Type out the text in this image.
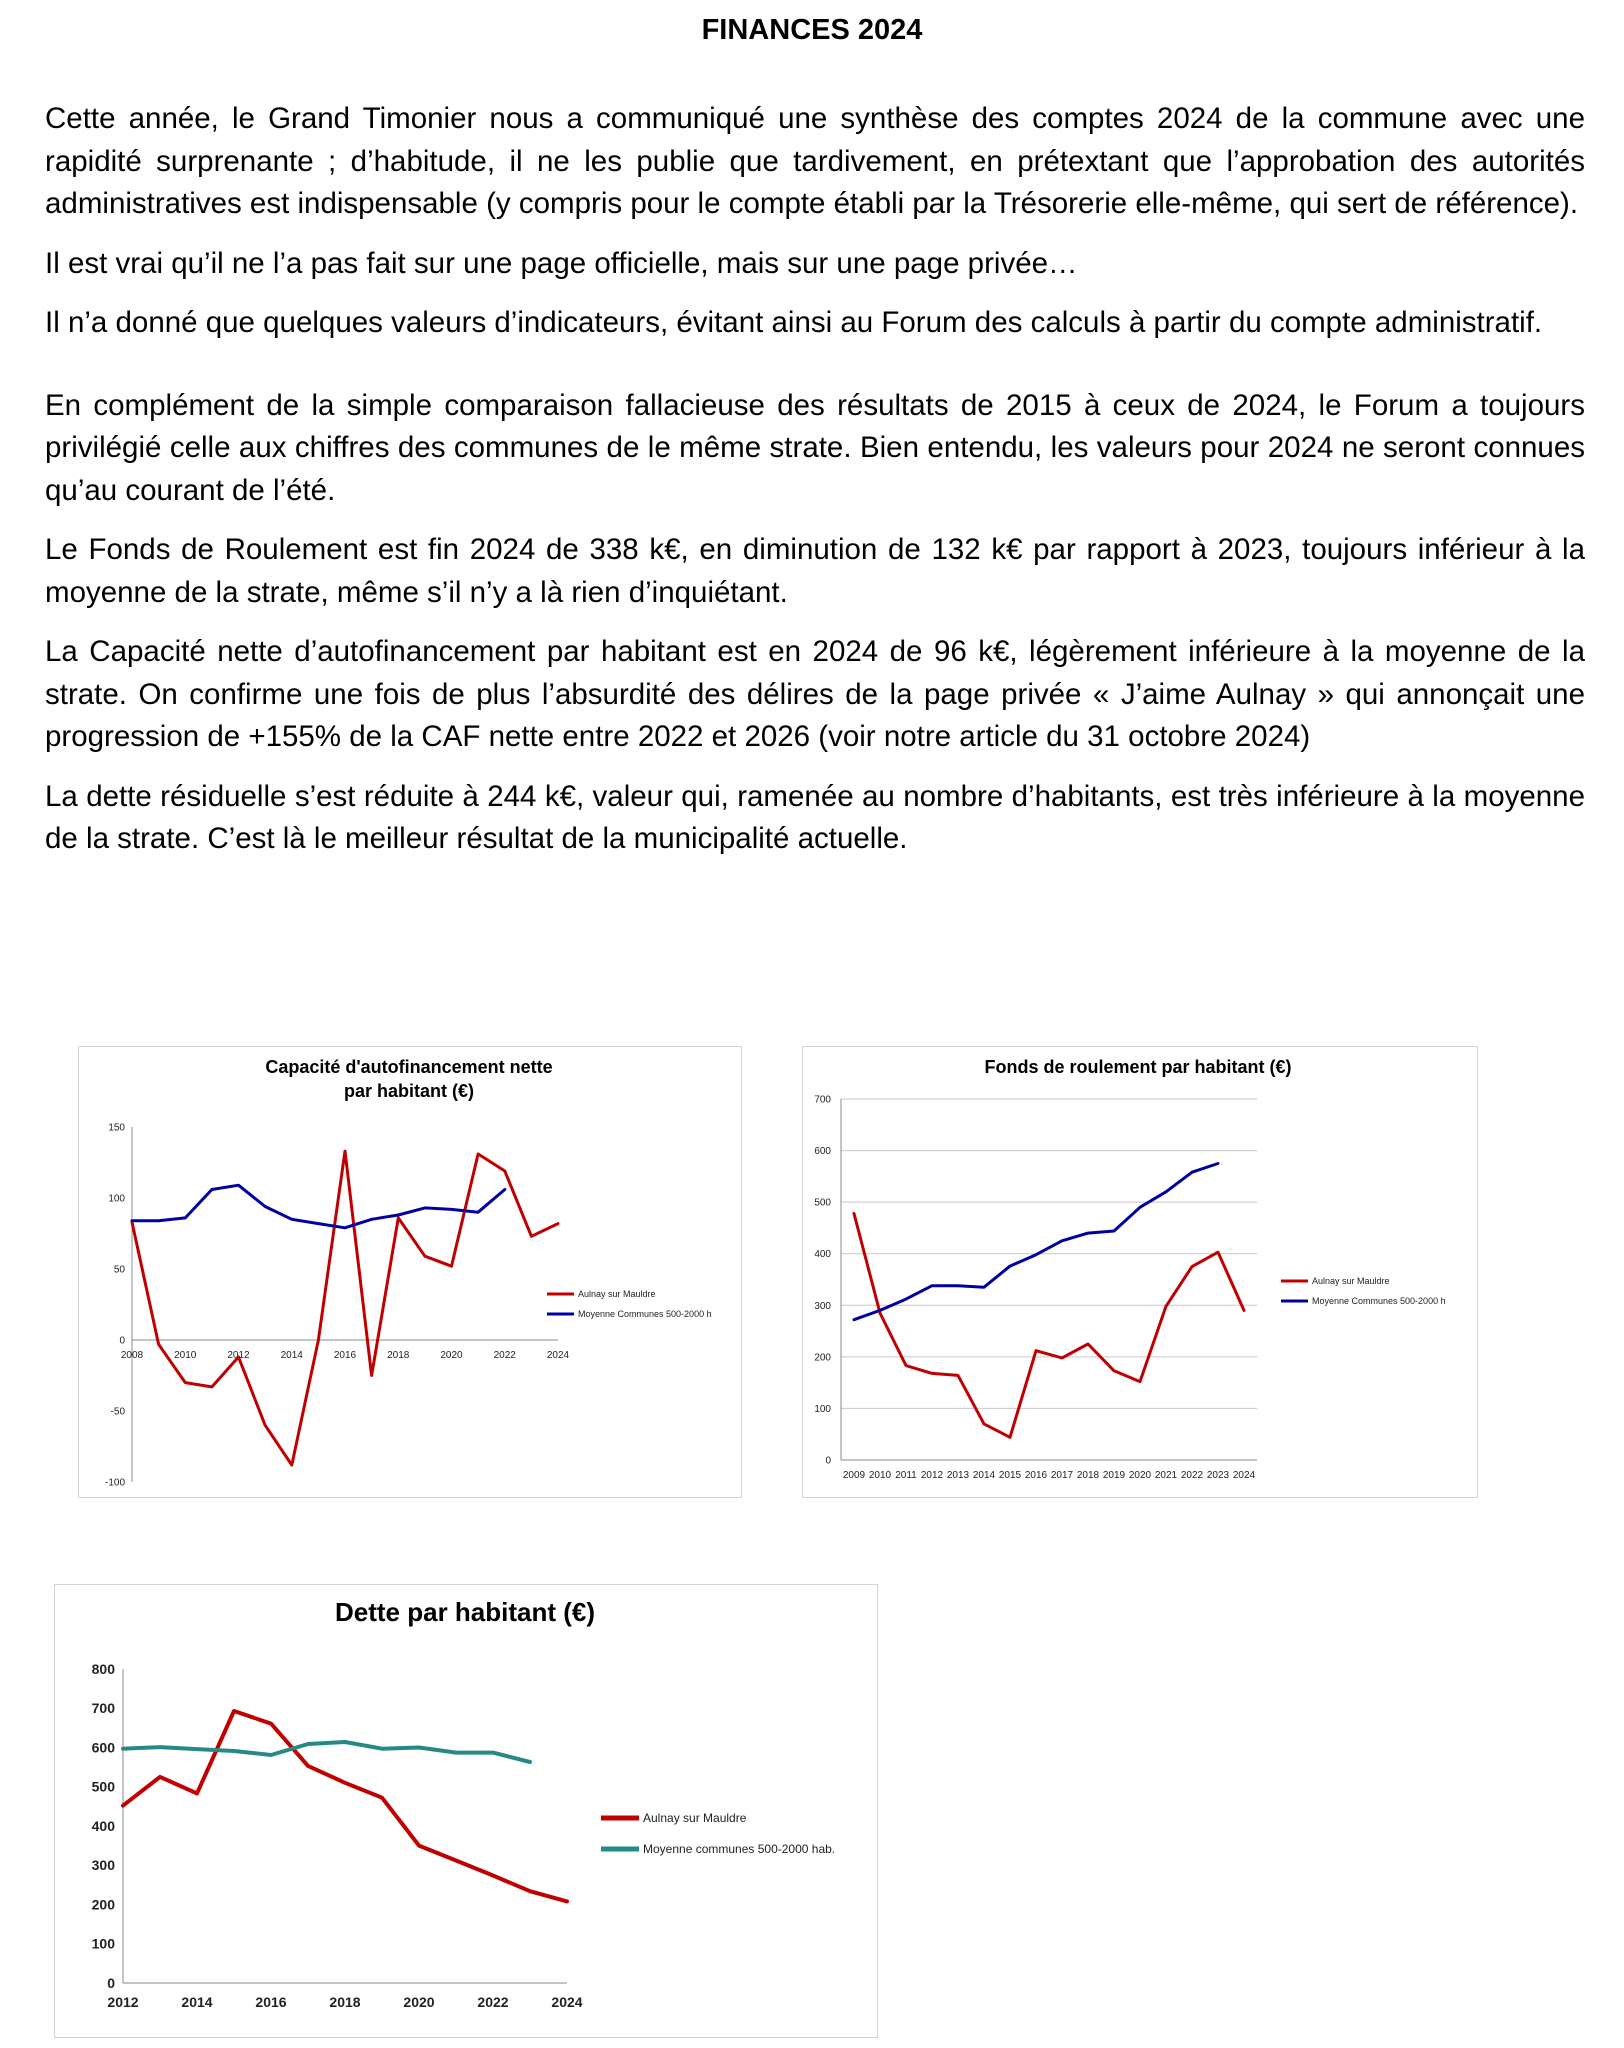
FINANCES 2024

Cette année, le Grand Timonier nous a communiqué une synthèse des comptes 2024 de la commune avec une rapidité surprenante ; d’habitude, il ne les publie que tardivement, en prétextant que l’approbation des autorités administratives est indispensable (y compris pour le compte établi par la Trésorerie elle-même, qui sert de référence).

Il est vrai qu’il ne l’a pas fait sur une page officielle, mais sur une page privée…

Il n’a donné que quelques valeurs d’indicateurs, évitant ainsi au Forum des calculs à partir du compte administratif.

En complément de la simple comparaison fallacieuse des résultats de 2015 à ceux de 2024, le Forum a toujours privilégié celle aux chiffres des communes de le même strate. Bien entendu, les valeurs pour 2024 ne seront connues qu’au courant de l’été.

Le Fonds de Roulement est fin 2024 de 338 k€, en diminution de 132 k€ par rapport à 2023, toujours inférieur à la moyenne de la strate, même s’il n’y a là rien d’inquiétant.

La Capacité nette d’autofinancement par habitant est en 2024 de 96 k€, légèrement inférieure à la moyenne de la strate. On confirme une fois de plus l’absurdité des délires de la page privée « J’aime Aulnay » qui annonçait une progression de +155% de la CAF nette entre 2022 et 2026 (voir notre article du 31 octobre 2024)

La dette résiduelle s’est réduite à 244 k€, valeur qui, ramenée au nombre d’habitants, est très inférieure à la moyenne de la strate. C’est là le meilleur résultat de la municipalité actuelle.

Capacité d'autofinancement nette
par habitant (€)
150
100
50
0
-50
-100
2008	2010	2012	2014	2016	2018	2020	2022	2024
Aulnay sur Mauldre
Moyenne Communes 500-2000 h
Fonds de roulement par habitant (€)
700
600
500
400
300
200
100
0
2009 2010 2011 2012 2013 2014 2015 2016 2017 2018 2019 2020 2021 2022 2023 2024
Aulnay sur Mauldre
Moyenne Communes 500-2000 h
Dette par habitant (€)
800
700
600
500
400
300
200
100
0
2012	2014	2016	2018	2020	2022	2024
Aulnay sur Mauldre
Moyenne communes 500-2000 hab.
